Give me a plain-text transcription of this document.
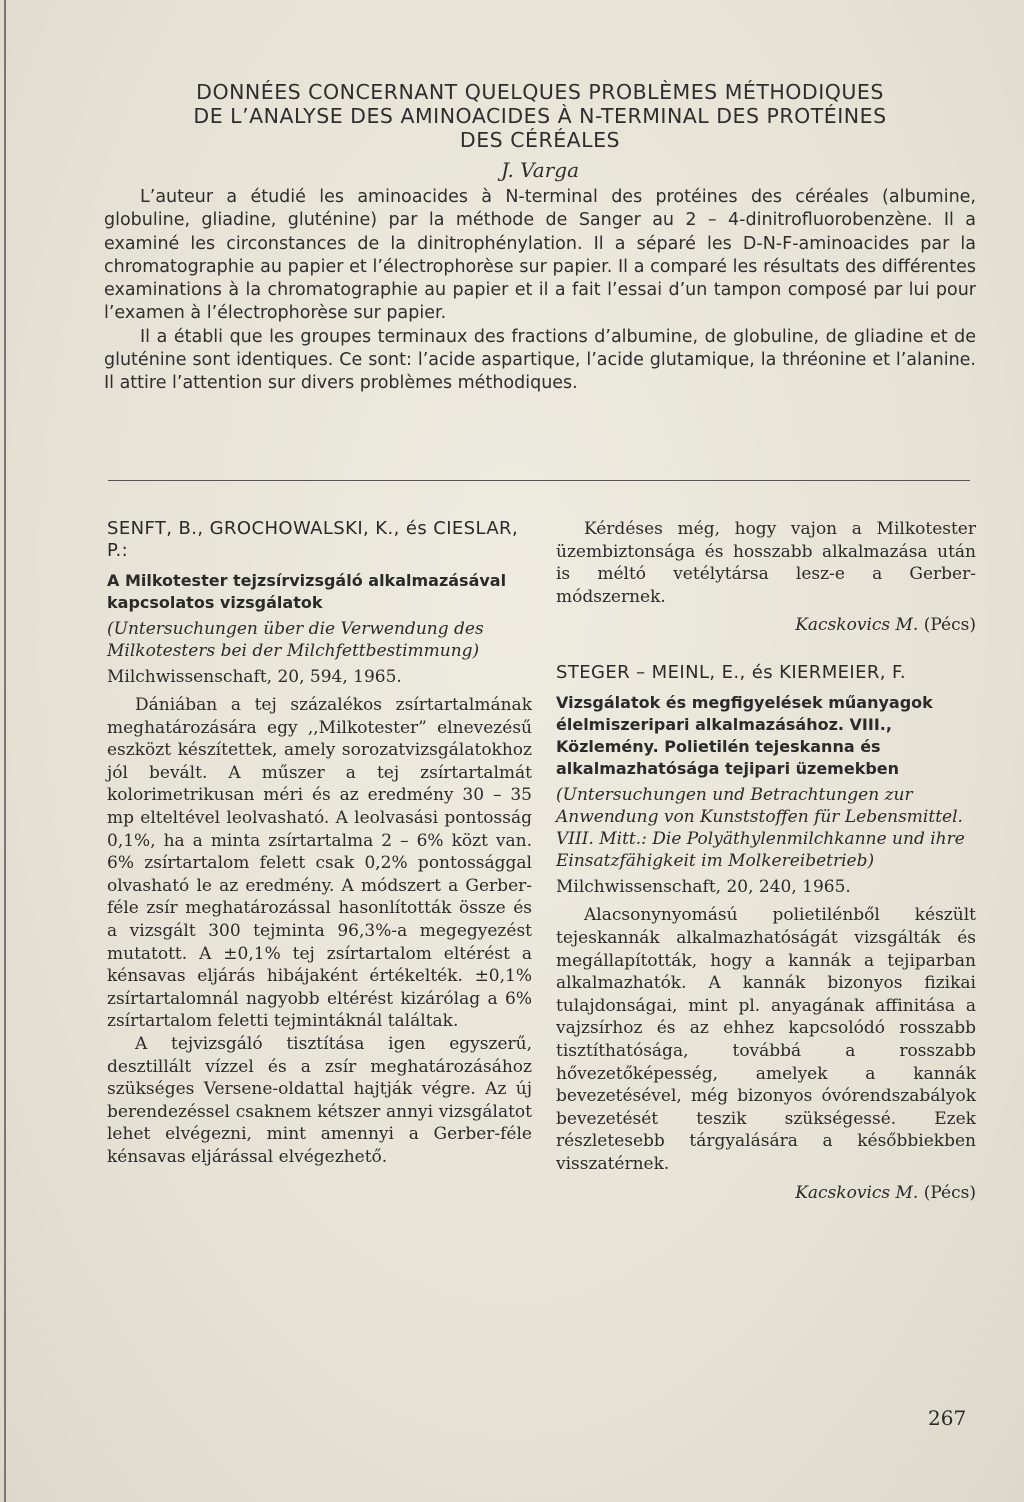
DONNÉES CONCERNANT QUELQUES PROBLÈMES MÉTHODIQUES

DE L’ANALYSE DES AMINOACIDES À N-TERMINAL DES PROTÉINES

DES CÉRÉALES

J. Varga

L’auteur a étudié les aminoacides à N-terminal des protéines des céréales (albumine, globuline, gliadine, gluténine) par la méthode de Sanger au 2 – 4-dinitrofluorobenzène. Il a examiné les circonstances de la dinitrophénylation. Il a séparé les D-N-F-aminoacides par la chromatographie au papier et l’électrophorèse sur papier. Il a comparé les résultats des différentes examinations à la chromatographie au papier et il a fait l’essai d’un tampon composé par lui pour l’examen à l’électrophorèse sur papier.

Il a établi que les groupes terminaux des fractions d’albumine, de globuline, de gliadine et de gluténine sont identiques. Ce sont: l’acide aspartique, l’acide glutamique, la thréonine et l’alanine. Il attire l’attention sur divers problèmes méthodiques.

SENFT, B., GROCHOWALSKI, K., és CIESLAR, P.:

A Milkotester tejzsírvizsgáló alkalmazásával kapcsolatos vizsgálatok

(Untersuchungen über die Verwendung des Milkotesters bei der Milchfettbestimmung)

Milchwissenschaft, 20, 594, 1965.

Dániában a tej százalékos zsírtartalmának meghatározására egy ,,Milkotester” elnevezésű eszközt készítettek, amely sorozatvizsgálatokhoz jól bevált. A műszer a tej zsírtartalmát kolorimetrikusan méri és az eredmény 30 – 35 mp elteltével leolvasható. A leolvasási pontosság 0,1%, ha a minta zsírtartalma 2 – 6% közt van. 6% zsírtartalom felett csak 0,2% pontossággal olvasható le az eredmény. A módszert a Gerber-féle zsír meghatározással hasonlították össze és a vizsgált 300 tejminta 96,3%-a megegyezést mutatott. A ±0,1% tej zsírtartalom eltérést a kénsavas eljárás hibájaként értékelték. ±0,1% zsírtartalomnál nagyobb eltérést kizárólag a 6% zsírtartalom feletti tejmintáknál találtak.

A tejvizsgáló tisztítása igen egyszerű, desztillált vízzel és a zsír meghatározásához szükséges Versene-oldattal hajtják végre. Az új berendezéssel csaknem kétszer annyi vizsgálatot lehet elvégezni, mint amennyi a Gerber-féle kénsavas eljárással elvégezhető.

Kérdéses még, hogy vajon a Milkotester üzembiztonsága és hosszabb alkalmazása után is méltó vetélytársa lesz-e a Gerber-módszernek.

Kacskovics M. (Pécs)

STEGER – MEINL, E., és KIERMEIER, F.

Vizsgálatok és megfigyelések műanyagok élelmiszeripari alkalmazásához. VIII., Közlemény. Polietilén tejeskanna és alkalmazhatósága tejipari üzemekben

(Untersuchungen und Betrachtungen zur Anwendung von Kunststoffen für Lebensmittel. VIII. Mitt.: Die Polyäthylenmilchkanne und ihre Einsatzfähigkeit im Molkereibetrieb)

Milchwissenschaft, 20, 240, 1965.

Alacsonynyomású polietilénből készült tejeskannák alkalmazhatóságát vizsgálták és megállapították, hogy a kannák a tejiparban alkalmazhatók. A kannák bizonyos fizikai tulajdonságai, mint pl. anyagának affinitása a vajzsírhoz és az ehhez kapcsolódó rosszabb tisztíthatósága, továbbá a rosszabb hővezetőképesség, amelyek a kannák bevezetésével, még bizonyos óvórendszabályok bevezetését teszik szükségessé. Ezek részletesebb tárgyalására a későbbiekben visszatérnek.

Kacskovics M. (Pécs)

267
